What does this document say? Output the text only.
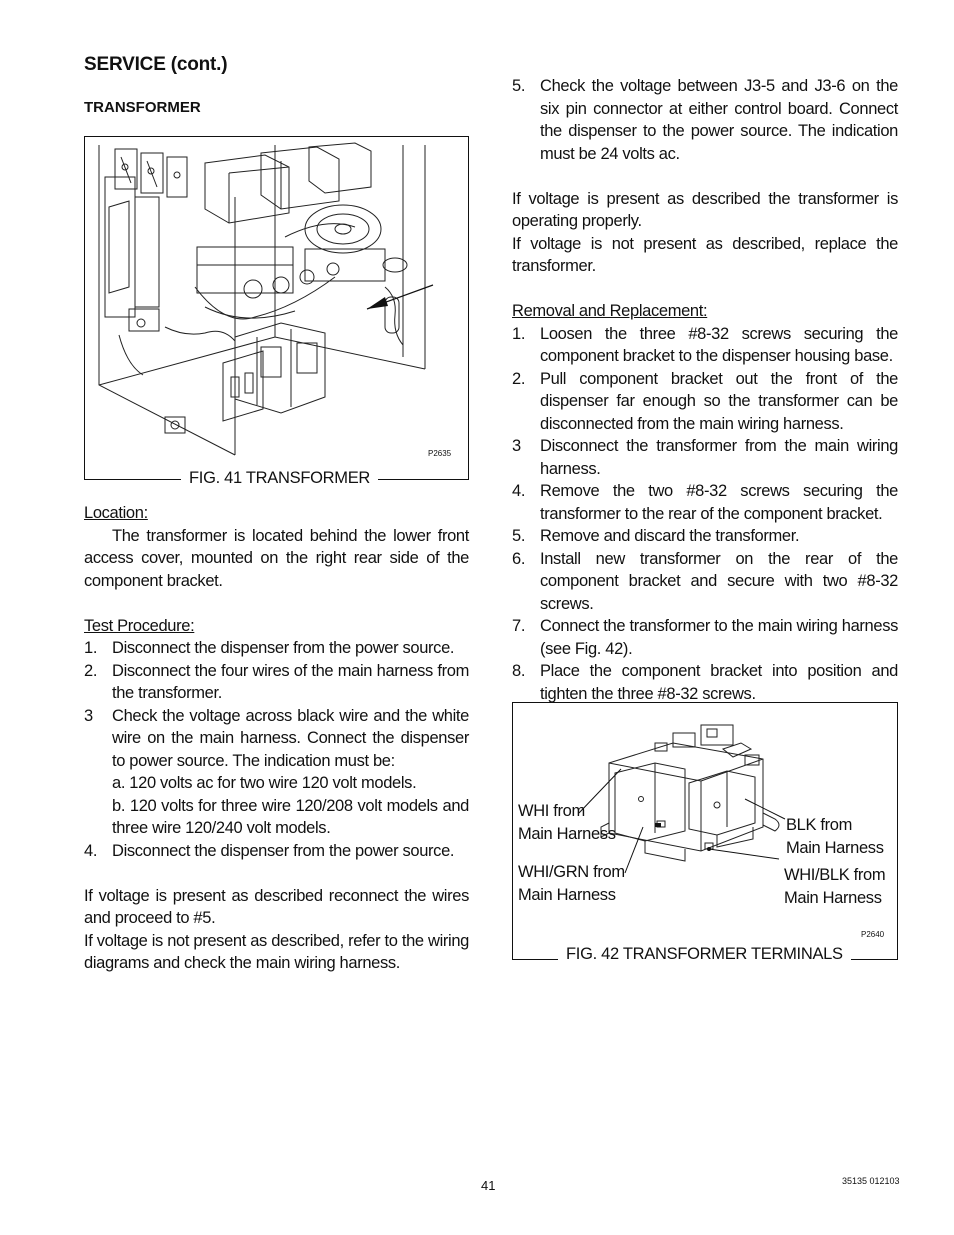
SERVICE (cont.)
TRANSFORMER
P2635
FIG. 41 TRANSFORMER

Location:

The transformer is located behind the lower front access cover, mounted on the right rear side of the component bracket.

Test Procedure:

1. Disconnect the dispenser from the power source.
2. Disconnect the four wires of the main harness from the transformer.
3	Check the voltage across black wire and the white wire on the main harness. Connect the dispenser to power source. The indication must be:

a. 120 volts ac for two wire 120 volt models.

b. 120 volts for three wire 120/208 volt models and three wire 120/240 volt models.

4. Disconnect the dispenser from the power source.

If voltage is present as described reconnect the wires and proceed to #5.

If voltage is not present as described, refer to the wiring diagrams and check the main wiring harness.

5. Check the voltage between J3-5 and J3-6 on the six pin connector at either control board. Connect the dispenser to the power source. The indication must be 24 volts ac.

If voltage is present as described the transformer is operating properly.

If voltage is not present as described, replace the transformer.

Removal and Replacement:

1. Loosen the three #8-32 screws securing the component bracket to the dispenser housing base.
2. Pull component bracket out the front of the dispenser far enough so the transformer can be disconnected from the main wiring harness.
3	Disconnect the transformer from the main wiring harness.
4. Remove the two #8-32 screws securing the transformer to the rear of the component bracket.
5. Remove and discard the transformer.
6. Install new transformer on the rear of the component bracket and secure with two #8-32 screws.
7. Connect the transformer to the main wiring harness (see Fig. 42).
8. Place the component bracket into position and tighten the three #8-32 screws.
WHI from
Main Harness
WHI/GRN from
Main Harness
BLK from
Main Harness
WHI/BLK from
Main Harness
P2640
FIG. 42 TRANSFORMER TERMINALS
41	35135 012103
